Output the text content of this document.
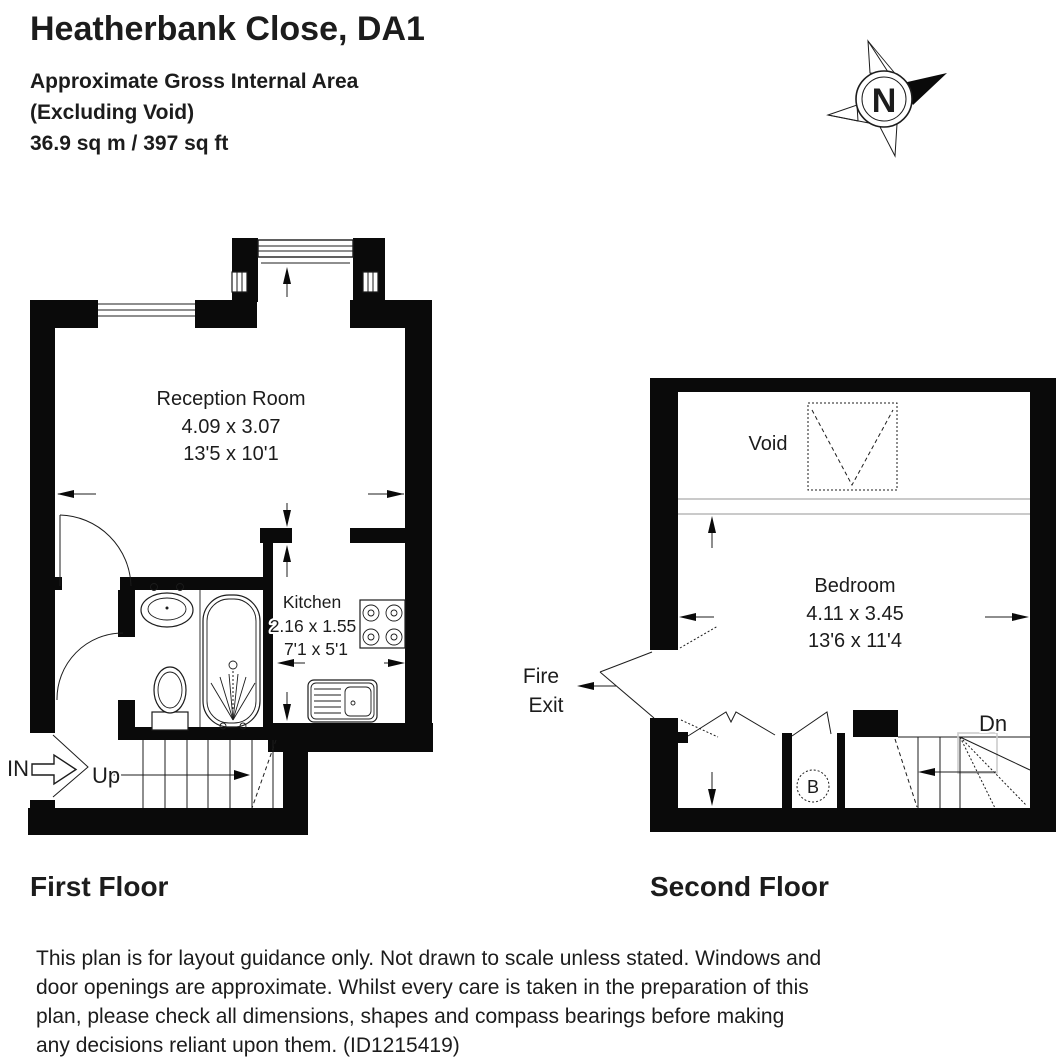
Heatherbank Close, DA1
Approximate Gross Internal Area
(Excluding Void)
36.9 sq m / 397 sq ft
N
Reception Room
4.09 x 3.07
13'5 x 10'1
Kitchen
2.16 x 1.55
7'1 x 5'1
Up
IN
B
Void
Bedroom
4.11 x 3.45
13'6 x 11'4
Fire
Exit
Dn
First Floor	Second Floor
This plan is for layout guidance only. Not drawn to scale unless stated. Windows and
door openings are approximate. Whilst every care is taken in the preparation of this
plan, please check all dimensions, shapes and compass bearings before making
any decisions reliant upon them. (ID1215419)
